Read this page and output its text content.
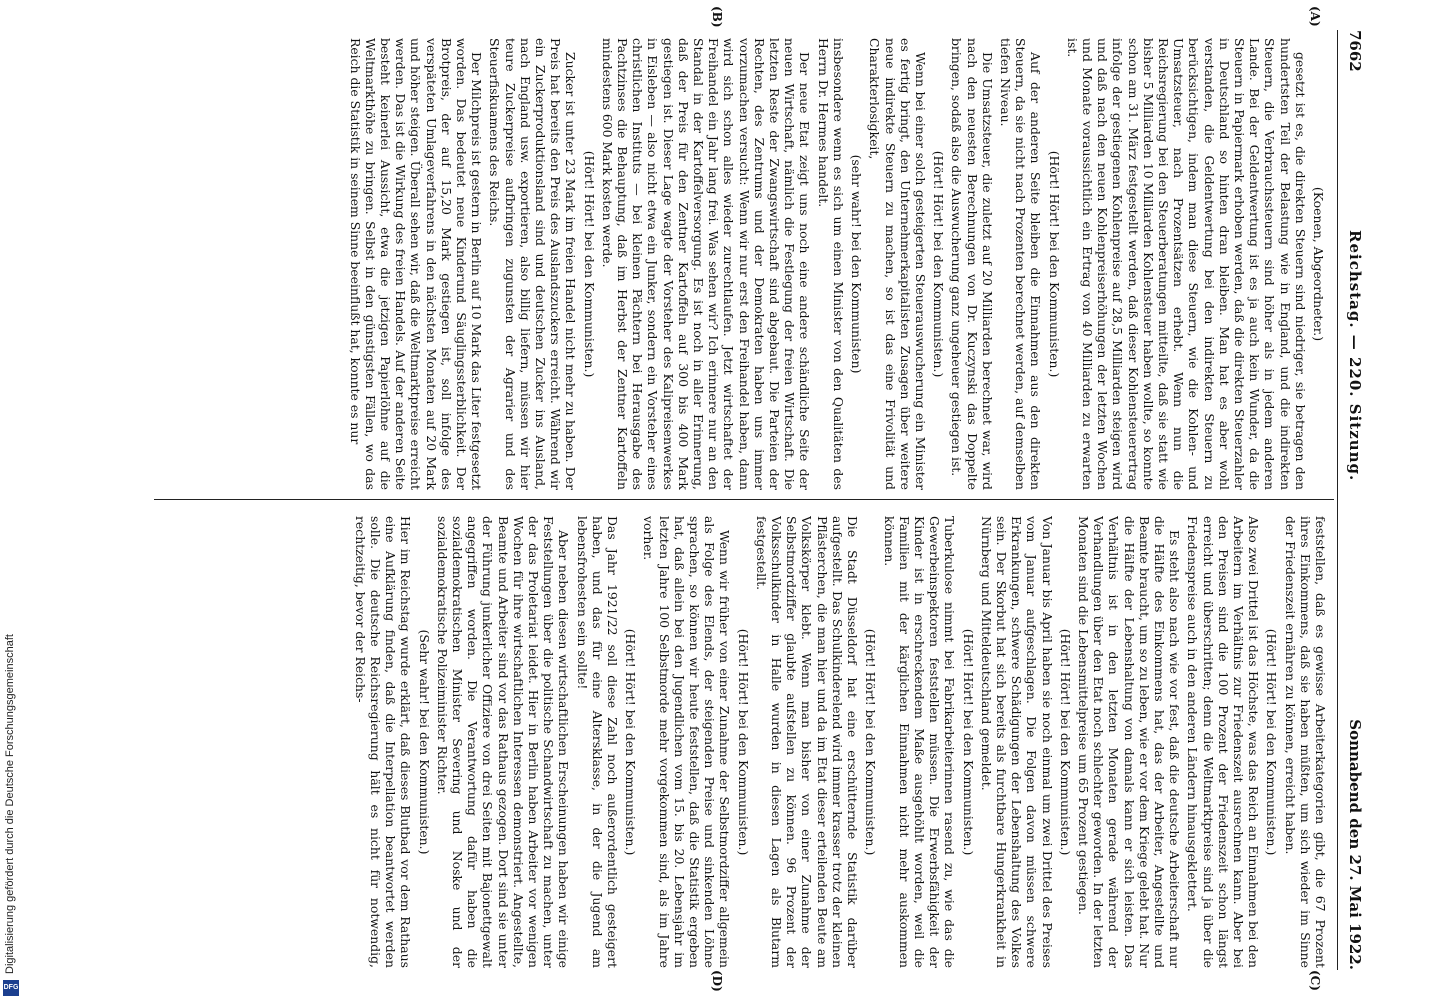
7662
Reichstag. — 220. Sitzung.
Sonnabend den 27. Mai 1922.
(A)
(B)
(C)
(D)

(Koenen, Abgeordneter.)

gesetzt ist es, die direkten Steuern sind niedriger, sie betragen den hundertsten Teil der Belastung wie in England, und die indirekten Steuern, die Verbrauchssteuern sind höher als in jedem anderen Lande. Bei der Geldentwertung ist es ja auch kein Wunder, da die Steuern in Papiermark erhoben werden, daß die direkten Steuerzahler in Deutschland so hinten dran bleiben. Man hat es aber wohl verstanden, die Geldentwertung bei den indirekten Steuern zu berücksichtigen, indem man diese Steuern, wie die Kohlen- und Umsatzsteuer, nach Prozentsätzen erhebt. Wenn nun die Reichsregierung bei den Steuerberatungen mitteilte, daß sie statt wie bisher 5 Milliarden 10 Milliarden Kohlensteuer haben wollte, so konnte schon am 31. März festgestellt werden, daß dieser Kohlensteuerertrag infolge der gestiegenen Kohlenpreise auf 28,5 Milliarden steigen wird und daß nach den neuen Kohlenpreiserhöhungen der letzten Wochen und Monate voraussichtlich ein Ertrag von 40 Milliarden zu erwarten ist.

(Hört! Hört! bei den Kommunisten.)

Auf der anderen Seite bleiben die Einnahmen aus den direkten Steuern, da sie nicht nach Prozenten berechnet werden, auf demselben tiefen Niveau.

Die Umsatzsteuer, die zuletzt auf 20 Milliarden berechnet war, wird nach den neuesten Berechnungen von Dr. Kuczynski das Doppelte bringen, sodaß also die Auswucherung ganz ungeheuer gestiegen ist.

(Hört! Hört! bei den Kommunisten.)

Wenn bei einer solch gesteigerten Steuerauswucherung ein Minister es fertig bringt, den Unternehmerkapitalisten Zusagen über weitere neue indirekte Steuern zu machen, so ist das eine Frivolität und Charakterlosigkeit,

(sehr wahr! bei den Kommunisten)

insbesondere wenn es sich um einen Minister von den Qualitäten des Herrn Dr. Hermes handelt.

Der neue Etat zeigt uns noch eine andere schändliche Seite der neuen Wirtschaft, nämlich die Festlegung der freien Wirtschaft. Die letzten Reste der Zwangswirtschaft sind abgebaut. Die Parteien der Rechten, des Zentrums und der Demokraten haben uns immer vorzumachen versucht: Wenn wir nur erst den Freihandel haben, dann wird sich schon alles wieder zurechtlaufen. Jetzt wirtschaftet der Freihandel ein Jahr lang frei. Was sehen wir? Ich erinnere nur an den Standal in der Kartoffelversorgung. Es ist noch in aller Erinnerung, daß der Preis für den Zentner Kartoffeln auf 300 bis 400 Mark gestiegen ist. Dieser Lage wagte der Vorsteher des Kalipreisenwerkes in Eisleben — also nicht etwa ein Junker, sondern ein Vorsteher eines christlichen Instituts — bei kleinen Pächtern bei Herausgabe des Pachtzinses die Behauptung, daß im Herbst der Zentner Kartoffeln mindestens 600 Mark kosten werde.

(Hört! Hört! bei den Kommunisten.)

Zucker ist unter 23 Mark im freien Handel nicht mehr zu haben. Der Preis hat bereits den Preis des Auslandszuckers erreicht. Während wir ein Zuckerproduktionsland sind und deutschen Zucker ins Ausland, nach England usw. exportieren, also billig liefern, müssen wir hier teure Zuckerpreise aufbringen zugunsten der Agrarier und des Steuerfiskuamens des Reichs.

Der Milchpreis ist gestern in Berlin auf 10 Mark das Liter festgesetzt worden. Das bedeutet neue Kinderund Säuglingssterblichkeit. Der Brotpreis, der auf 15,20 Mark gestiegen ist, soll infolge des verspäteten Umlageverfahrens in den nächsten Monaten auf 20 Mark und höher steigen. Überall sehen wir, daß die Weltmarktpreise erreicht werden. Das ist die Wirkung des freien Handels. Auf der anderen Seite besteht keinerlei Aussicht, etwa die jetzigen Papierlöhne auf die Weltmarkthöhe zu bringen. Selbst in den günstigsten Fällen, wo das Reich die Statistik in seinem Sinne beeinflußt hat, konnte es nur

feststellen, daß es gewisse Arbeiterkategorien gibt, die 67 Prozent ihres Einkommens, daß sie haben müßten, um sich wieder im Sinne der Friedenszeit ernähren zu können, erreicht haben.

(Hört! Hört! bei den Kommunisten.)

Also zwei Drittel ist das Höchste, was das Reich an Einnahmen bei den Arbeitern im Verhältnis zur Friedenszeit ausrechnen kann. Aber bei den Preisen sind die 100 Prozent der Friedenszeit schon längst erreicht und überschritten; denn die Weltmarktpreise sind ja über die Friedenspreise auch in den anderen Ländern hinausgeklettert.

Es steht also nach wie vor fest, daß die deutsche Arbeiterschaft nur die Hälfte des Einkommens hat, das der Arbeiter, Angestellte und Beamte braucht, um so zu leben, wie er vor dem Kriege gelebt hat. Nur die Hälfte der Lebenshaltung von damals kann er sich leisten. Das Verhältnis ist in den letzten Monaten gerade während der Verhandlungen über den Etat noch schlechter geworden. In der letzten Monaten sind die Lebensmittelpreise um 65 Prozent gestiegen.

(Hört! Hört! bei den Kommunisten.)

Von Januar bis April haben sie noch einmal um zwei Drittel des Preises vom Januar aufgeschlagen. Die Folgen davon müssen schwere Erkrankungen, schwere Schädigungen der Lebenshaltung des Volkes sein. Der Skorbut hat sich bereits als furchtbare Hungerkrankheit in Nürnberg und Mitteldeutschland gemeldet.

(Hört! Hört! bei den Kommunisten.)

Tuberkulose nimmt bei Fabrikarbeiterinnen rasend zu, wie das die Gewerbeinspektoren feststellen müssen. Die Erwerbsfähigkeit der Kinder ist in erschreckendem Maße ausgehöhlt worden, weil die Familien mit der kärglichen Einnahmen nicht mehr auskommen können.

(Hört! Hört! bei den Kommunisten.)

Die Stadt Düsseldorf hat eine erschütternde Statistik darüber aufgestellt. Das Schulkinderelend wird immer krasser trotz der kleinen Pflästerchen, die man hier und da im Etat dieser erteilenden Beute am Volkskörper klebt. Wenn man bisher von einer Zunahme der Selbstmordziffer glaubte aufstellen zu können. 96 Prozent der Volksschulkinder in Halle wurden in diesen Lagen als Blutarm festgestellt.

(Hört! Hört! bei den Kommunisten.)

Wenn wir früher von einer Zunahme der Selbstmordziffer allgemein als Folge des Elends, der steigenden Preise und sinkenden Löhne sprachen, so können wir heute feststellen, daß die Statistik ergeben hat, daß allein bei den Jugendlichen vom 15. bis 20. Lebensjahr im letzten Jahre 100 Selbstmorde mehr vorgekommen sind, als im Jahre vorher.

(Hört! Hört! bei den Kommunisten.)

Das Jahr 1921/22 soll diese Zahl noch außerordentlich gesteigert haben, und das für eine Altersklasse, in der die Jugend am lebensfrohesten sein sollte!

Aber neben diesen wirtschaftlichen Erscheinungen haben wir einige Feststellungen über die politische Schandwirtschaft zu machen, unter der das Proletariat leidet. Hier in Berlin haben Arbeiter vor wenigen Wochen für ihre wirtschaftlichen Interessen demonstriert. Angestellte, Beamte und Arbeiter sind vor das Rathaus gezogen. Dort sind sie unter der Führung junkerlicher Offiziere von drei Seiten mit Bajonettgewalt angegriffen worden. Die Verantwortung dafür haben die sozialdemokratischen Minister Severing und Noske und der sozialdemokratische Polizeiminister Richter.

(Sehr wahr! bei den Kommunisten.)

Hier im Reichstag wurde erklärt, daß dieses Blutbad vor dem Rathaus eine Aufklärung finden, daß die Interpellation beantwortet werden solle. Die deutsche Reichsregierung hält es nicht für notwendig, rechtzeitig, bevor der Reichs-

Digitalisierung gefördert durch die Deutsche Forschungsgemeinschaft
DFG
